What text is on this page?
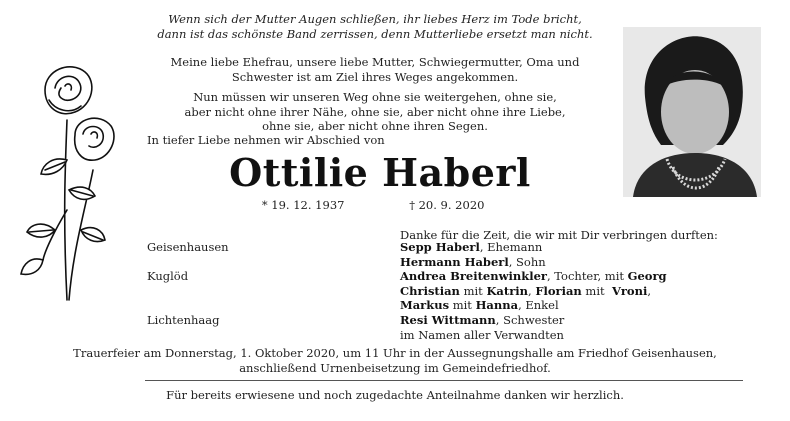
Wenn sich der Mutter Augen schließen, ihr liebes Herz im Tode bricht,
dann ist das schönste Band zerrissen, denn Mutterliebe ersetzt man nicht.

Meine liebe Ehefrau, unsere liebe Mutter, Schwiegermutter, Oma und
Schwester ist am Ziel ihres Weges angekommen.

Nun müssen wir unseren Weg ohne sie weitergehen, ohne sie,
aber nicht ohne ihrer Nähe, ohne sie, aber nicht ohne ihre Liebe,
ohne sie, aber nicht ohne ihren Segen.

In tiefer Liebe nehmen wir Abschied von
Ottilie Haberl
* 19. 12. 1937	† 20. 9. 2020
Danke für die Zeit, die wir mit Dir verbringen durften:
Geisenhausen
Kuglöd
Lichtenhaag
Sepp Haberl, Ehemann
Hermann Haberl, Sohn
Andrea Breitenwinkler, Tochter, mit Georg
Christian mit Katrin, Florian mit  Vroni,
Markus mit Hanna, Enkel
Resi Wittmann, Schwester
im Namen aller Verwandten
Trauerfeier am Donnerstag, 1. Oktober 2020, um 11 Uhr in der Aussegnungshalle am Friedhof Geisenhausen,
anschließend Urnenbeisetzung im Gemeindefriedhof.
Für bereits erwiesene und noch zugedachte Anteilnahme danken wir herzlich.
